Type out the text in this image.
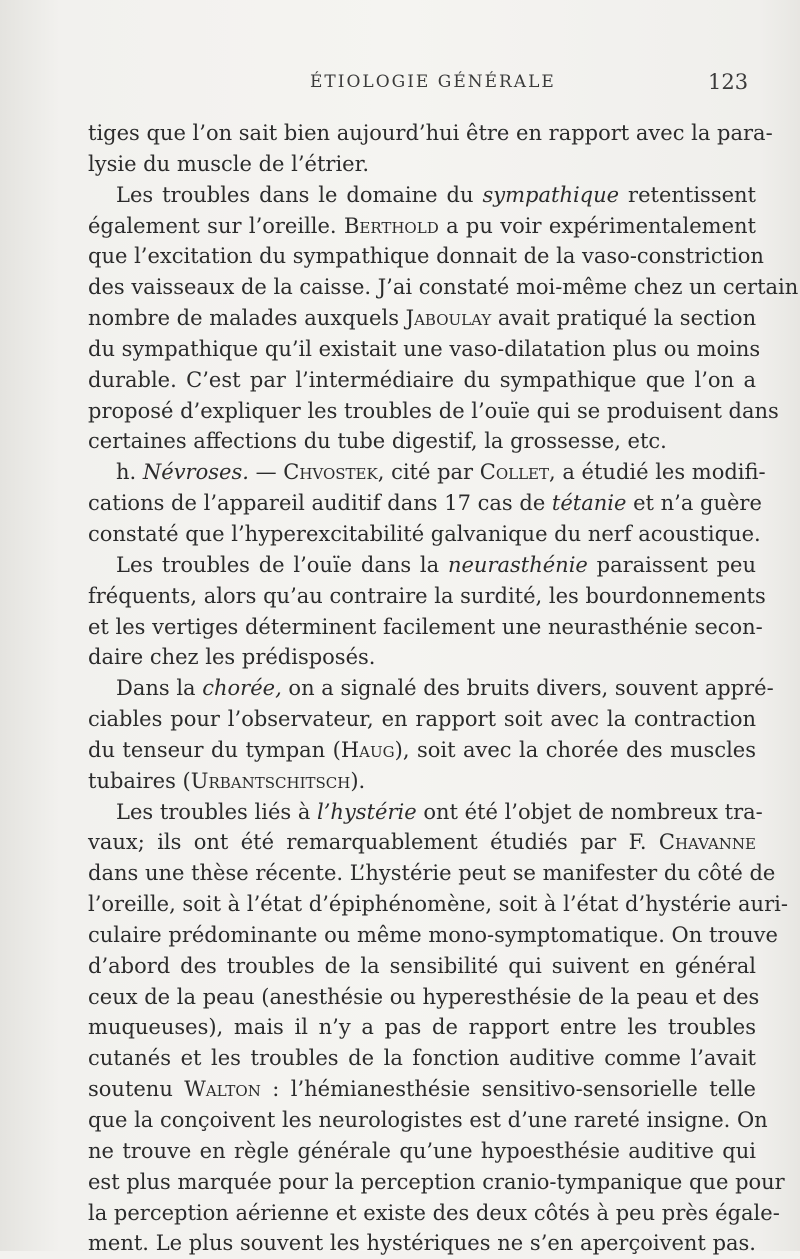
ÉTIOLOGIE GÉNÉRALE	123
tiges que l’on sait bien aujourd’hui être en rapport avec la para-
lysie du muscle de l’étrier.
Les troubles dans le domaine du sympathique retentissent
également sur l’oreille. Berthold a pu voir expérimentalement
que l’excitation du sympathique donnait de la vaso-constriction
des vaisseaux de la caisse. J’ai constaté moi-même chez un certain
nombre de malades auxquels Jaboulay avait pratiqué la section
du sympathique qu’il existait une vaso-dilatation plus ou moins
durable. C’est par l’intermédiaire du sympathique que l’on a
proposé d’expliquer les troubles de l’ouïe qui se produisent dans
certaines affections du tube digestif, la grossesse, etc.
h. Névroses. — Chvostek, cité par Collet, a étudié les modifi-
cations de l’appareil auditif dans 17 cas de tétanie et n’a guère
constaté que l’hyperexcitabilité galvanique du nerf acoustique.
Les troubles de l’ouïe dans la neurasthénie paraissent peu
fréquents, alors qu’au contraire la surdité, les bourdonnements
et les vertiges déterminent facilement une neurasthénie secon-
daire chez les prédisposés.
Dans la chorée, on a signalé des bruits divers, souvent appré-
ciables pour l’observateur, en rapport soit avec la contraction
du tenseur du tympan (Haug), soit avec la chorée des muscles
tubaires (Urbantschitsch).
Les troubles liés à l’hystérie ont été l’objet de nombreux tra-
vaux; ils ont été remarquablement étudiés par F. Chavanne
dans une thèse récente. L’hystérie peut se manifester du côté de
l’oreille, soit à l’état d’épiphénomène, soit à l’état d’hystérie auri-
culaire prédominante ou même mono-symptomatique. On trouve
d’abord des troubles de la sensibilité qui suivent en général
ceux de la peau (anesthésie ou hyperesthésie de la peau et des
muqueuses), mais il n’y a pas de rapport entre les troubles
cutanés et les troubles de la fonction auditive comme l’avait
soutenu Walton : l’hémianesthésie sensitivo-sensorielle telle
que la conçoivent les neurologistes est d’une rareté insigne. On
ne trouve en règle générale qu’une hypoesthésie auditive qui
est plus marquée pour la perception cranio-tympanique que pour
la perception aérienne et existe des deux côtés à peu près égale-
ment. Le plus souvent les hystériques ne s’en aperçoivent pas.
